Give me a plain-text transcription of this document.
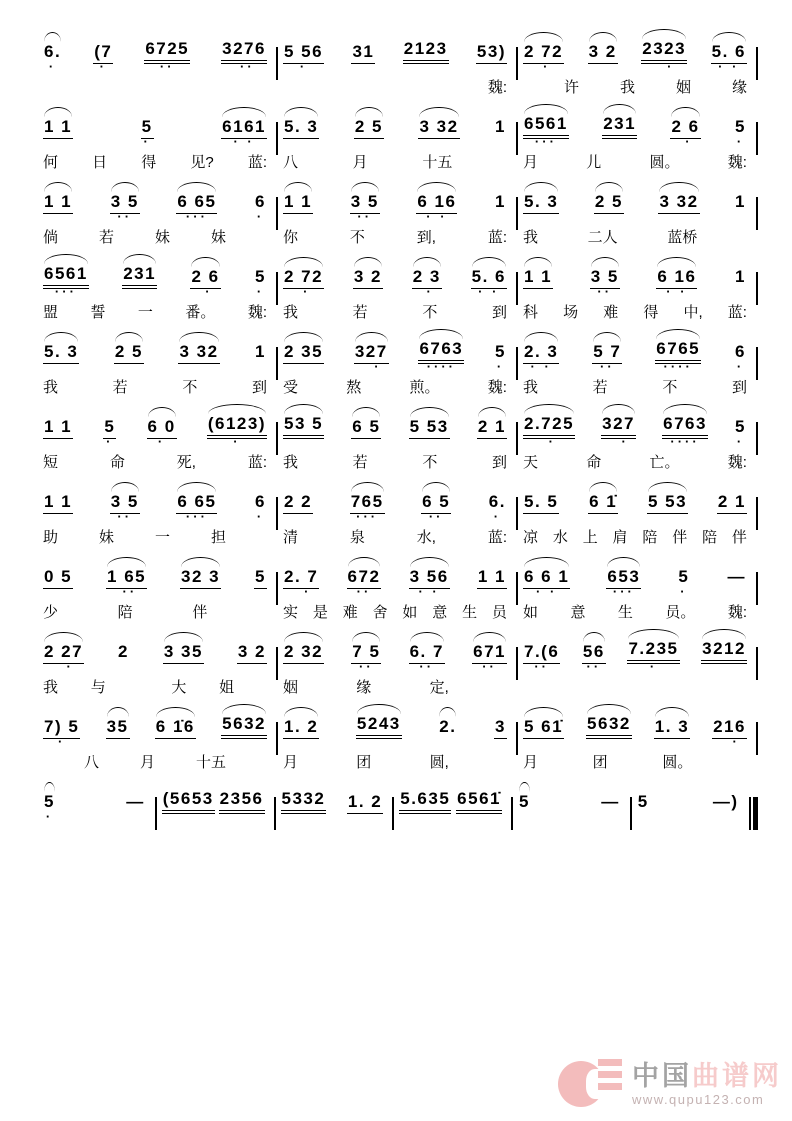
6.
·
(7
·
6725
··
3276
··
5 56
·
31 2123 53)
魏:
2 72
·
3 2 2323
·
5. 6
· ·
许	我	姻	缘
1 1	5
·
6161
· ·
何 日 得 见? 蓝:
5. 3 2 5 3 32 1
八	月	十五
6561
···
231 2 6
·
5
·
月	儿	圆。	魏:
1 1 3 5
··
6 65
···
6
·
倘	若	妹	妹
1 1 3 5
··
6 16
· ·
1
你	不	到,	蓝:
5. 3 2 5 3 32 1
我	二人	蓝桥
6561
···
231 2 6
·
5
·
盟 誓 一 番。 魏:
2 72
·
3 2 2 3
·
5. 6
· ·
我	若	不	到
1 1 3 5
··
6 16
· ·
1
科 场 难 得 中, 蓝:
5. 3 2 5 3 32 1
我	若	不	到
2 35 327
·
6763
····
5
·
受	熬	煎。	魏:
2. 3
· ·
5 7
··
6765
····
6
·
我	若	不	到
1 1 5
·
6 0
·
(6123)
·
短	命	死,	蓝:
53 5 6 5 5 53 2 1
我	若	不	到
2.725
·
327
·
6763
····
5
·
天	命	亡。	魏:
1 1 3 5
··
6 65
···
6
·
助	妹	一	担
2 2 765
···
6 5
··
6.
·
清	泉	水,	蓝:
5. 5 6 1̇ 5 53 2 1
凉 水 上 肩 陪 伴 陪 伴
0 5 1 65
··
32 3 5
少	陪	伴
2. 7
·
672
··
3 56
· ·
1 1
实 是 难 舍 如 意 生 员
6 6 1
· ·
653
···
5
·
—
如 意 生 员。 魏:
2 27
·
2 3 35 3 2
我 与	大 姐
2 32 7 5
··
6. 7
··
671
··
姻	缘	定,
7.(6
··
56
··
7.235
·
3212
7) 5
·
35 6 1̇6 5632
八	月	十五
1. 2 5243 2. 3
月	团	圆,
5 61̇ 5632 1. 3 216
·
月	团	圆。
5
·
— (5653 2356 5332 1. 2 5.635 6561̇ 5	— 5	—)
中国曲谱网
www.qupu123.com
